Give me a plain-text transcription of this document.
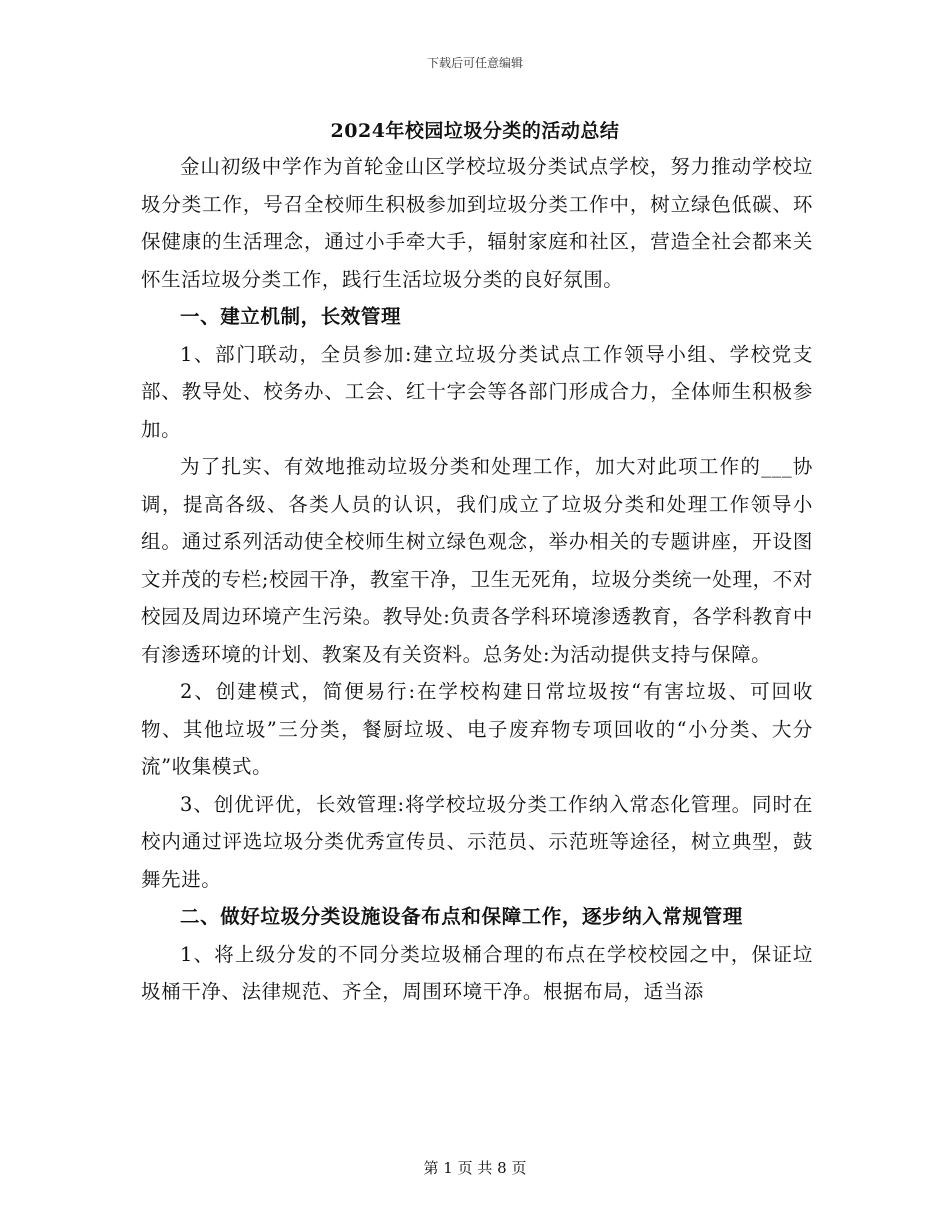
下载后可任意编辑
2024年校园垃圾分类的活动总结

金山初级中学作为首轮金山区学校垃圾分类试点学校，努力推动学校垃圾分类工作，号召全校师生积极参加到垃圾分类工作中，树立绿色低碳、环保健康的生活理念，通过小手牵大手，辐射家庭和社区，营造全社会都来关怀生活垃圾分类工作，践行生活垃圾分类的良好氛围。

一、建立机制，长效管理

1、部门联动，全员参加:建立垃圾分类试点工作领导小组、学校党支部、教导处、校务办、工会、红十字会等各部门形成合力，全体师生积极参加。

为了扎实、有效地推动垃圾分类和处理工作，加大对此项工作的___协调，提高各级、各类人员的认识，我们成立了垃圾分类和处理工作领导小组。通过系列活动使全校师生树立绿色观念，举办相关的专题讲座，开设图文并茂的专栏;校园干净，教室干净，卫生无死角，垃圾分类统一处理，不对校园及周边环境产生污染。教导处:负责各学科环境渗透教育，各学科教育中有渗透环境的计划、教案及有关资料。总务处:为活动提供支持与保障。

2、创建模式，简便易行:在学校构建日常垃圾按“有害垃圾、可回收物、其他垃圾”三分类，餐厨垃圾、电子废弃物专项回收的“小分类、大分流”收集模式。

3、创优评优，长效管理:将学校垃圾分类工作纳入常态化管理。同时在校内通过评选垃圾分类优秀宣传员、示范员、示范班等途径，树立典型，鼓舞先进。

二、做好垃圾分类设施设备布点和保障工作，逐步纳入常规管理

1、将上级分发的不同分类垃圾桶合理的布点在学校校园之中，保证垃圾桶干净、法律规范、齐全，周围环境干净。根据布局，适当添

第 1 页 共 8 页
